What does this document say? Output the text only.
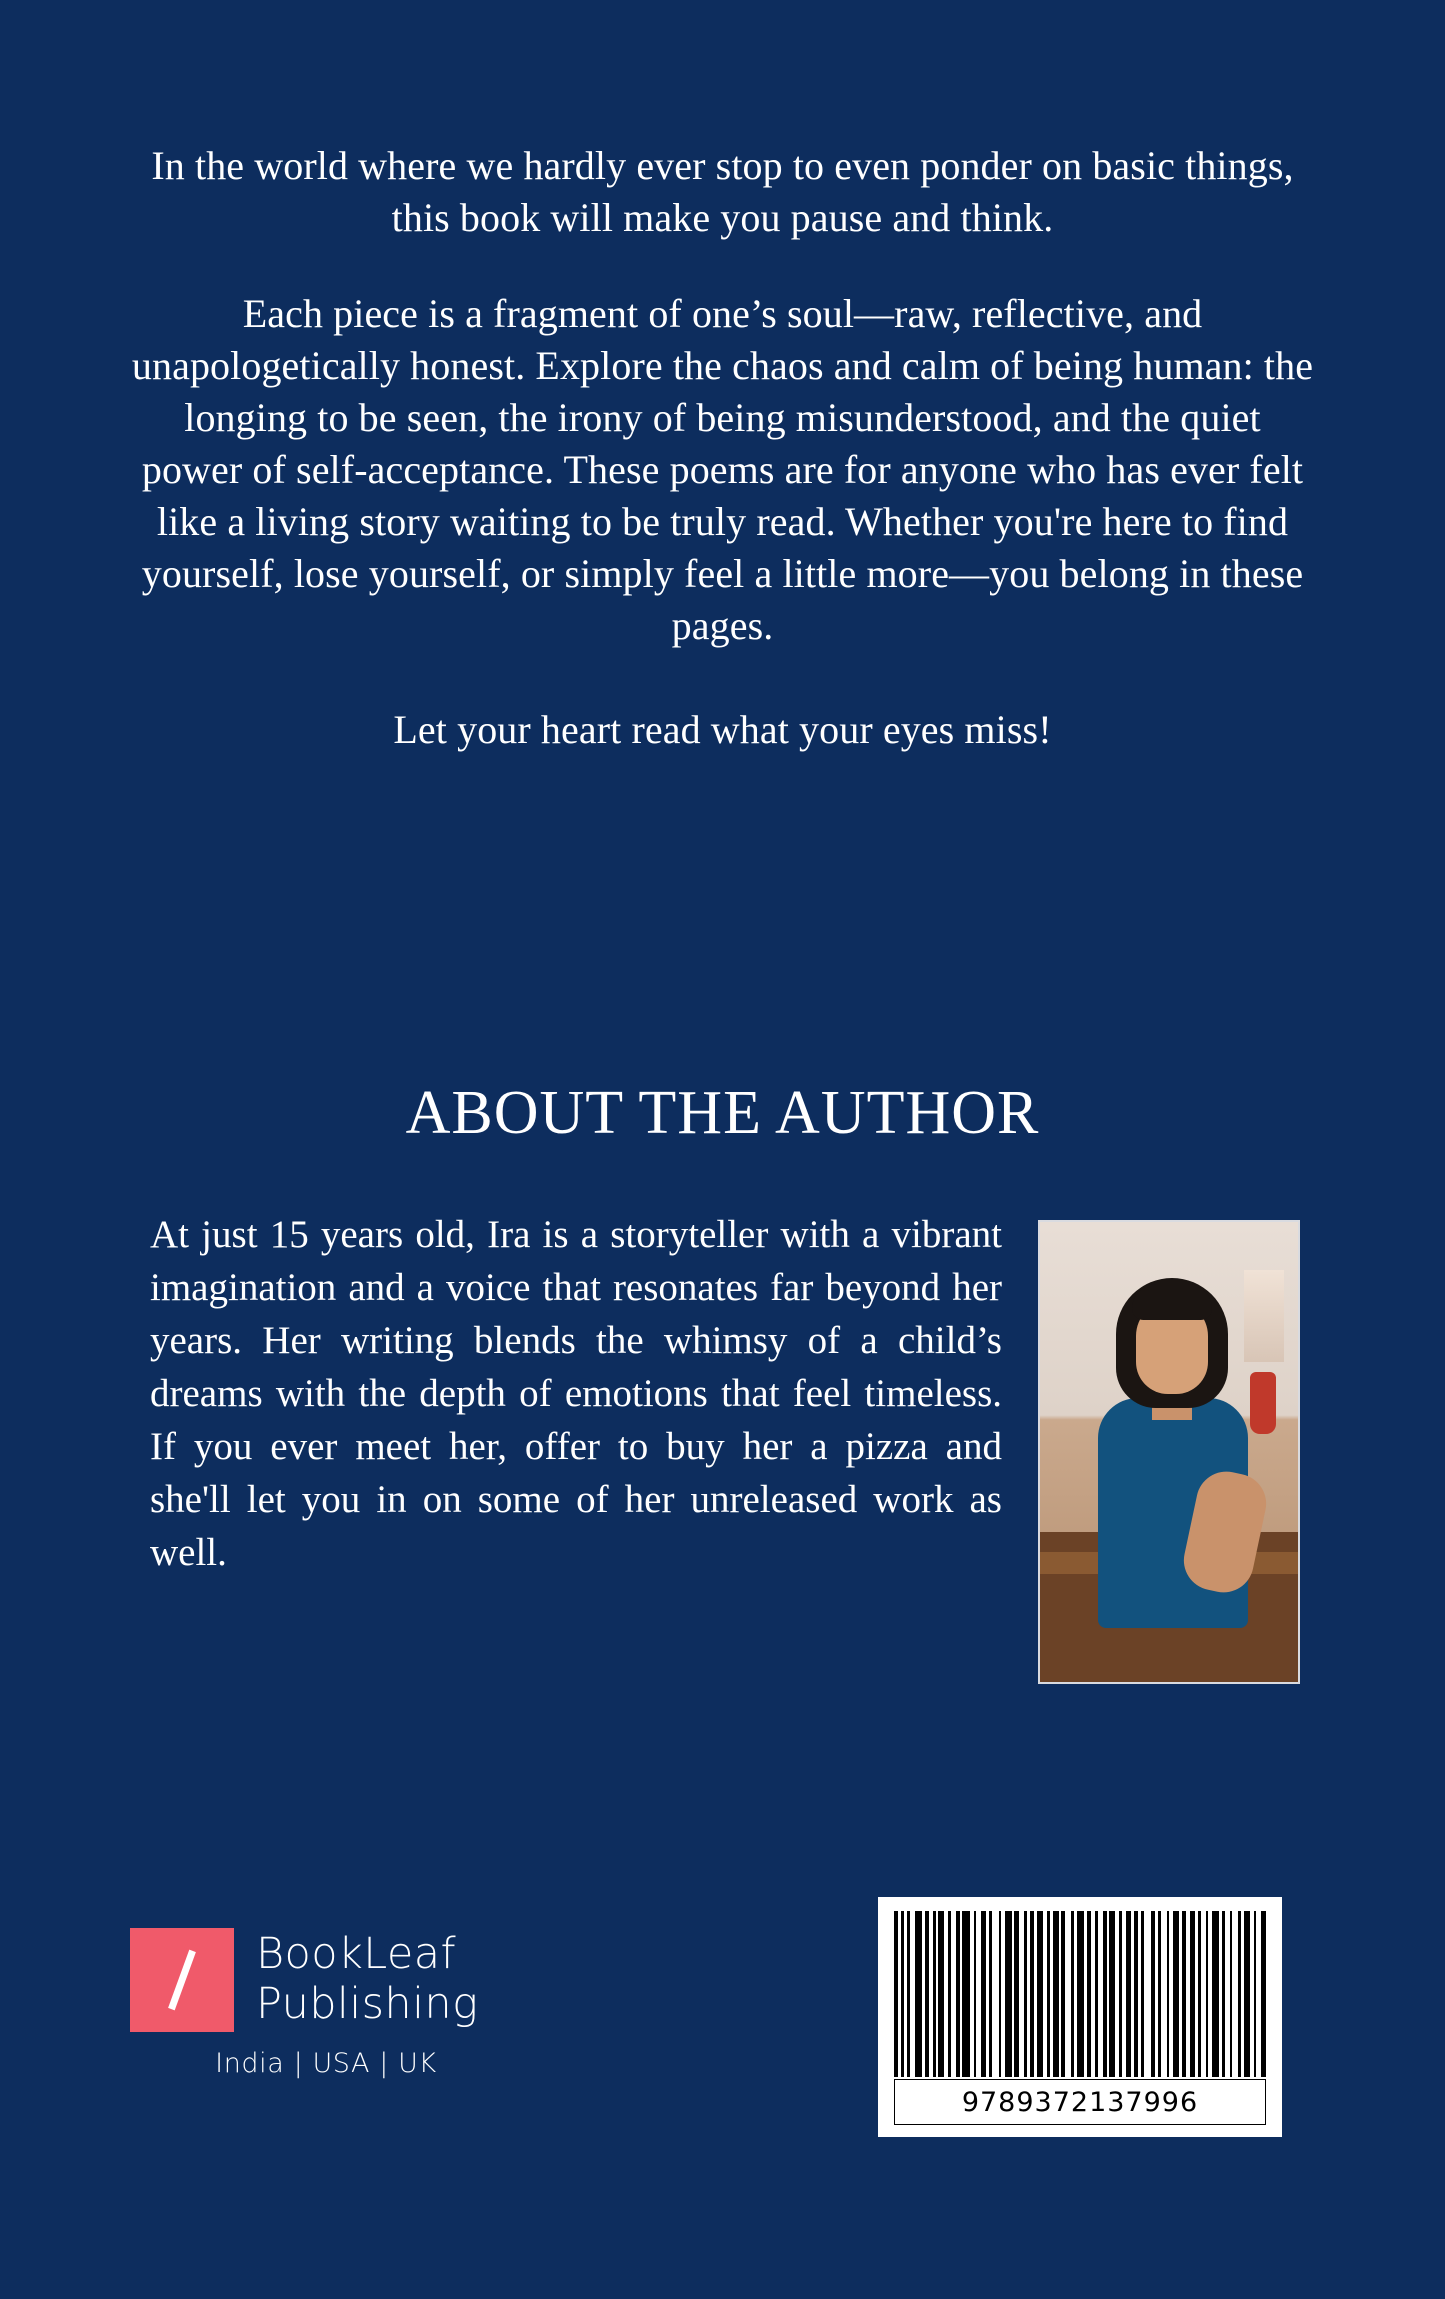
In the world where we hardly ever stop to even ponder on basic things, this book will make you pause and think.

Each piece is a fragment of one’s soul—raw, reflective, and unapologetically honest. Explore the chaos and calm of being human: the longing to be seen, the irony of being misunderstood, and the quiet power of self-acceptance. These poems are for anyone who has ever felt like a living story waiting to be truly read. Whether you're here to find yourself, lose yourself, or simply feel a little more—you belong in these pages.

Let your heart read what your eyes miss!

ABOUT THE AUTHOR

At just 15 years old, Ira is a storyteller with a vibrant imagination and a voice that resonates far beyond her years. Her writing blends the whimsy of a child’s dreams with the depth of emotions that feel timeless. If you ever meet her, offer to buy her a pizza and she'll let you in on some of her unreleased work as well.

BookLeaf
Publishing
India | USA | UK
9789372137996
